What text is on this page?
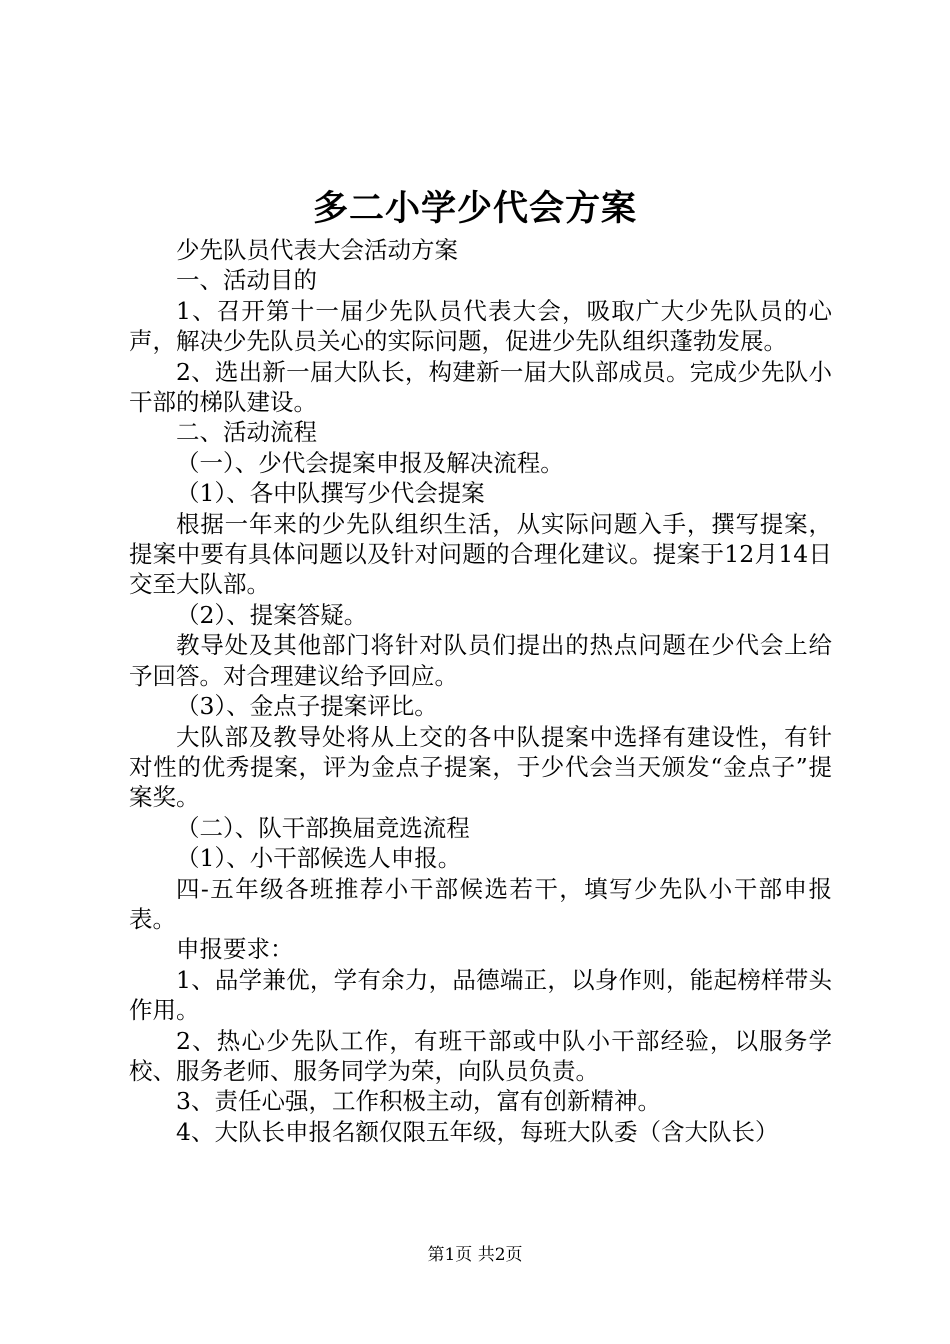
多二小学少代会方案

少先队员代表大会活动方案

一、活动目的

1、召开第十一届少先队员代表大会，吸取广大少先队员的心声，解决少先队员关心的实际问题，促进少先队组织蓬勃发展。

2、选出新一届大队长，构建新一届大队部成员。完成少先队小干部的梯队建设。

二、活动流程

（一）、少代会提案申报及解决流程。

（1）、各中队撰写少代会提案

根据一年来的少先队组织生活，从实际问题入手，撰写提案，提案中要有具体问题以及针对问题的合理化建议。提案于12月14日交至大队部。

（2）、提案答疑。

教导处及其他部门将针对队员们提出的热点问题在少代会上给予回答。对合理建议给予回应。

（3）、金点子提案评比。

大队部及教导处将从上交的各中队提案中选择有建设性，有针对性的优秀提案，评为金点子提案，于少代会当天颁发“金点子”提案奖。

（二）、队干部换届竞选流程

（1）、小干部候选人申报。

四-五年级各班推荐小干部候选若干，填写少先队小干部申报表。

申报要求：

1、品学兼优，学有余力，品德端正，以身作则，能起榜样带头作用。

2、热心少先队工作，有班干部或中队小干部经验，以服务学校、服务老师、服务同学为荣，向队员负责。

3、责任心强，工作积极主动，富有创新精神。

4、大队长申报名额仅限五年级，每班大队委（含大队长）

第1页 共2页
